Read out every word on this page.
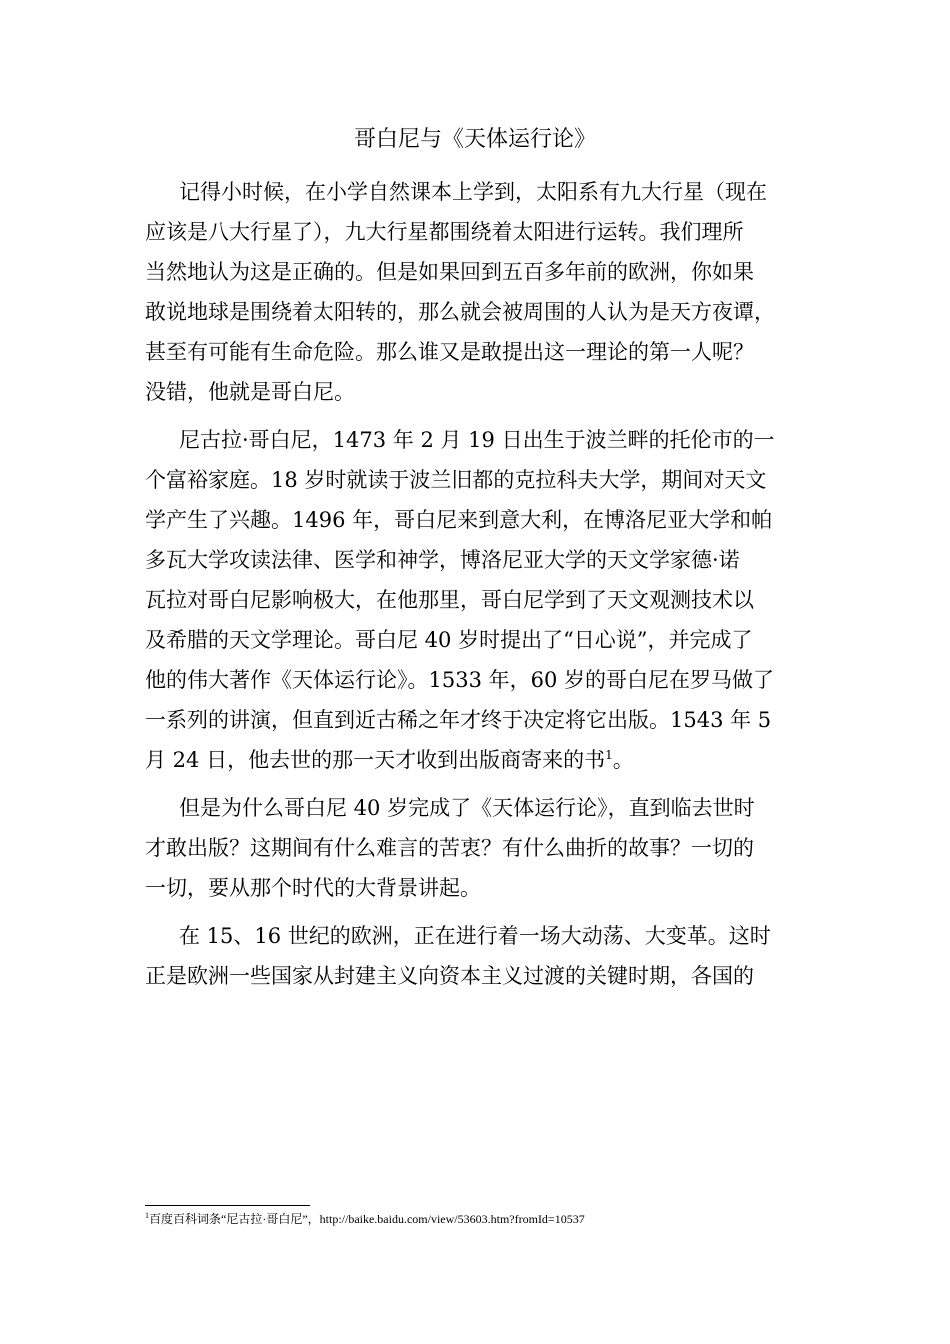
哥白尼与《天体运行论》
记得小时候，在小学自然课本上学到，太阳系有九大行星（现在
应该是八大行星了），九大行星都围绕着太阳进行运转。我们理所
当然地认为这是正确的。但是如果回到五百多年前的欧洲，你如果
敢说地球是围绕着太阳转的，那么就会被周围的人认为是天方夜谭，
甚至有可能有生命危险。那么谁又是敢提出这一理论的第一人呢？
没错，他就是哥白尼。
尼古拉·哥白尼，1473 年 2 月 19 日出生于波兰畔的托伦市的一
个富裕家庭。18 岁时就读于波兰旧都的克拉科夫大学，期间对天文
学产生了兴趣。1496 年，哥白尼来到意大利，在博洛尼亚大学和帕
多瓦大学攻读法律、医学和神学，博洛尼亚大学的天文学家德·诺
瓦拉对哥白尼影响极大，在他那里，哥白尼学到了天文观测技术以
及希腊的天文学理论。哥白尼 40 岁时提出了“日心说”，并完成了
他的伟大著作《天体运行论》。1533 年，60 岁的哥白尼在罗马做了
一系列的讲演，但直到近古稀之年才终于决定将它出版。1543 年 5
月 24 日，他去世的那一天才收到出版商寄来的书$^1$。
但是为什么哥白尼 40 岁完成了《天体运行论》，直到临去世时
才敢出版？这期间有什么难言的苦衷？有什么曲折的故事？一切的
一切，要从那个时代的大背景讲起。
在 15、16 世纪的欧洲，正在进行着一场大动荡、大变革。这时
正是欧洲一些国家从封建主义向资本主义过渡的关键时期，各国的
$^1$百度百科词条“尼古拉·哥白尼”，http://baike.baidu.com/view/53603.htm?fromId=10537
